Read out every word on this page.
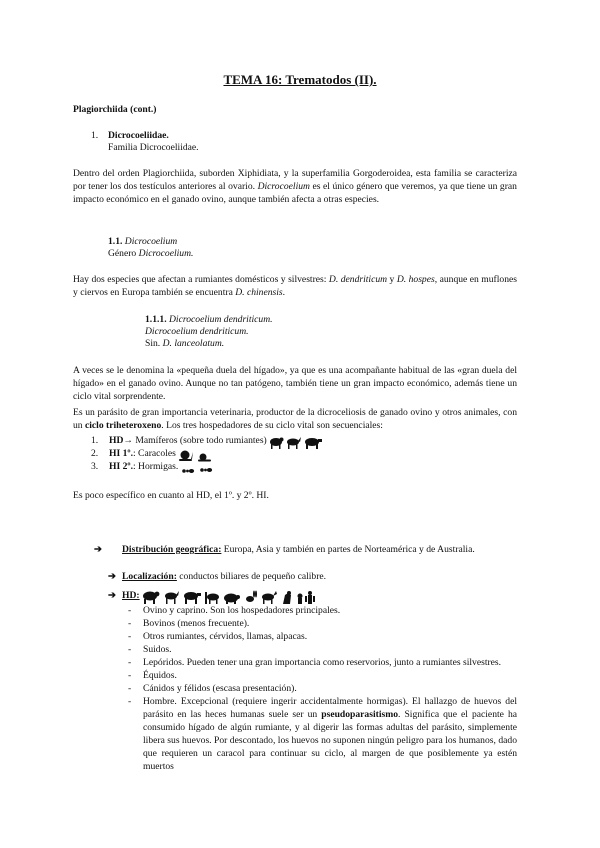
TEMA 16: Trematodos (II).
Plagiorchiida (cont.)
1. Dicrocoeliidae.
Familia Dicrocoeliidae.

Dentro del orden Plagiorchiida, suborden Xiphidiata, y la superfamilia Gorgoderoidea, esta familia se caracteriza por tener los dos testículos anteriores al ovario. Dicrocoelium es el único género que veremos, ya que tiene un gran impacto económico en el ganado ovino, aunque también afecta a otras especies.

1.1. Dicrocoelium
Género Dicrocoelium.

Hay dos especies que afectan a rumiantes domésticos y silvestres: D. dendriticum y D. hospes, aunque en muflones y ciervos en Europa también se encuentra D. chinensis.

1.1.1. Dicrocoelium dendriticum.
Dicrocoelium dendriticum.
Sin. D. lanceolatum.

A veces se le denomina la «pequeña duela del hígado», ya que es una acompañante habitual de las «gran duela del hígado» en el ganado ovino. Aunque no tan patógeno, también tiene un gran impacto económico, además tiene un ciclo vital sorprendente.

Es un parásito de gran importancia veterinaria, productor de la dicroceliosis de ganado ovino y otros animales, con un ciclo triheteroxeno. Los tres hospedadores de su ciclo vital son secuenciales:

1. HD→ Mamíferos (sobre todo rumiantes)
2. HI 1º.: Caracoles
3. HI 2º.: Hormigas.

Es poco específico en cuanto al HD, el 1º. y 2º. HI.

➔ Distribución geográfica: Europa, Asia y también en partes de Norteamérica y de Australia.
➔ Localización: conductos biliares de pequeño calibre.
➔ HD:
- Ovino y caprino. Son los hospedadores principales.
- Bovinos (menos frecuente).
- Otros rumiantes, cérvidos, llamas, alpacas.
- Suidos.
- Lepóridos. Pueden tener una gran importancia como reservorios, junto a rumiantes silvestres.
- Équidos.
- Cánidos y félidos (escasa presentación).
- Hombre. Excepcional (requiere ingerir accidentalmente hormigas). El hallazgo de huevos del parásito en las heces humanas suele ser un pseudoparasitismo. Significa que el paciente ha consumido hígado de algún rumiante, y al digerir las formas adultas del parásito, simplemente libera sus huevos. Por descontado, los huevos no suponen ningún peligro para los humanos, dado que requieren un caracol para continuar su ciclo, al margen de que posiblemente ya estén muertos
